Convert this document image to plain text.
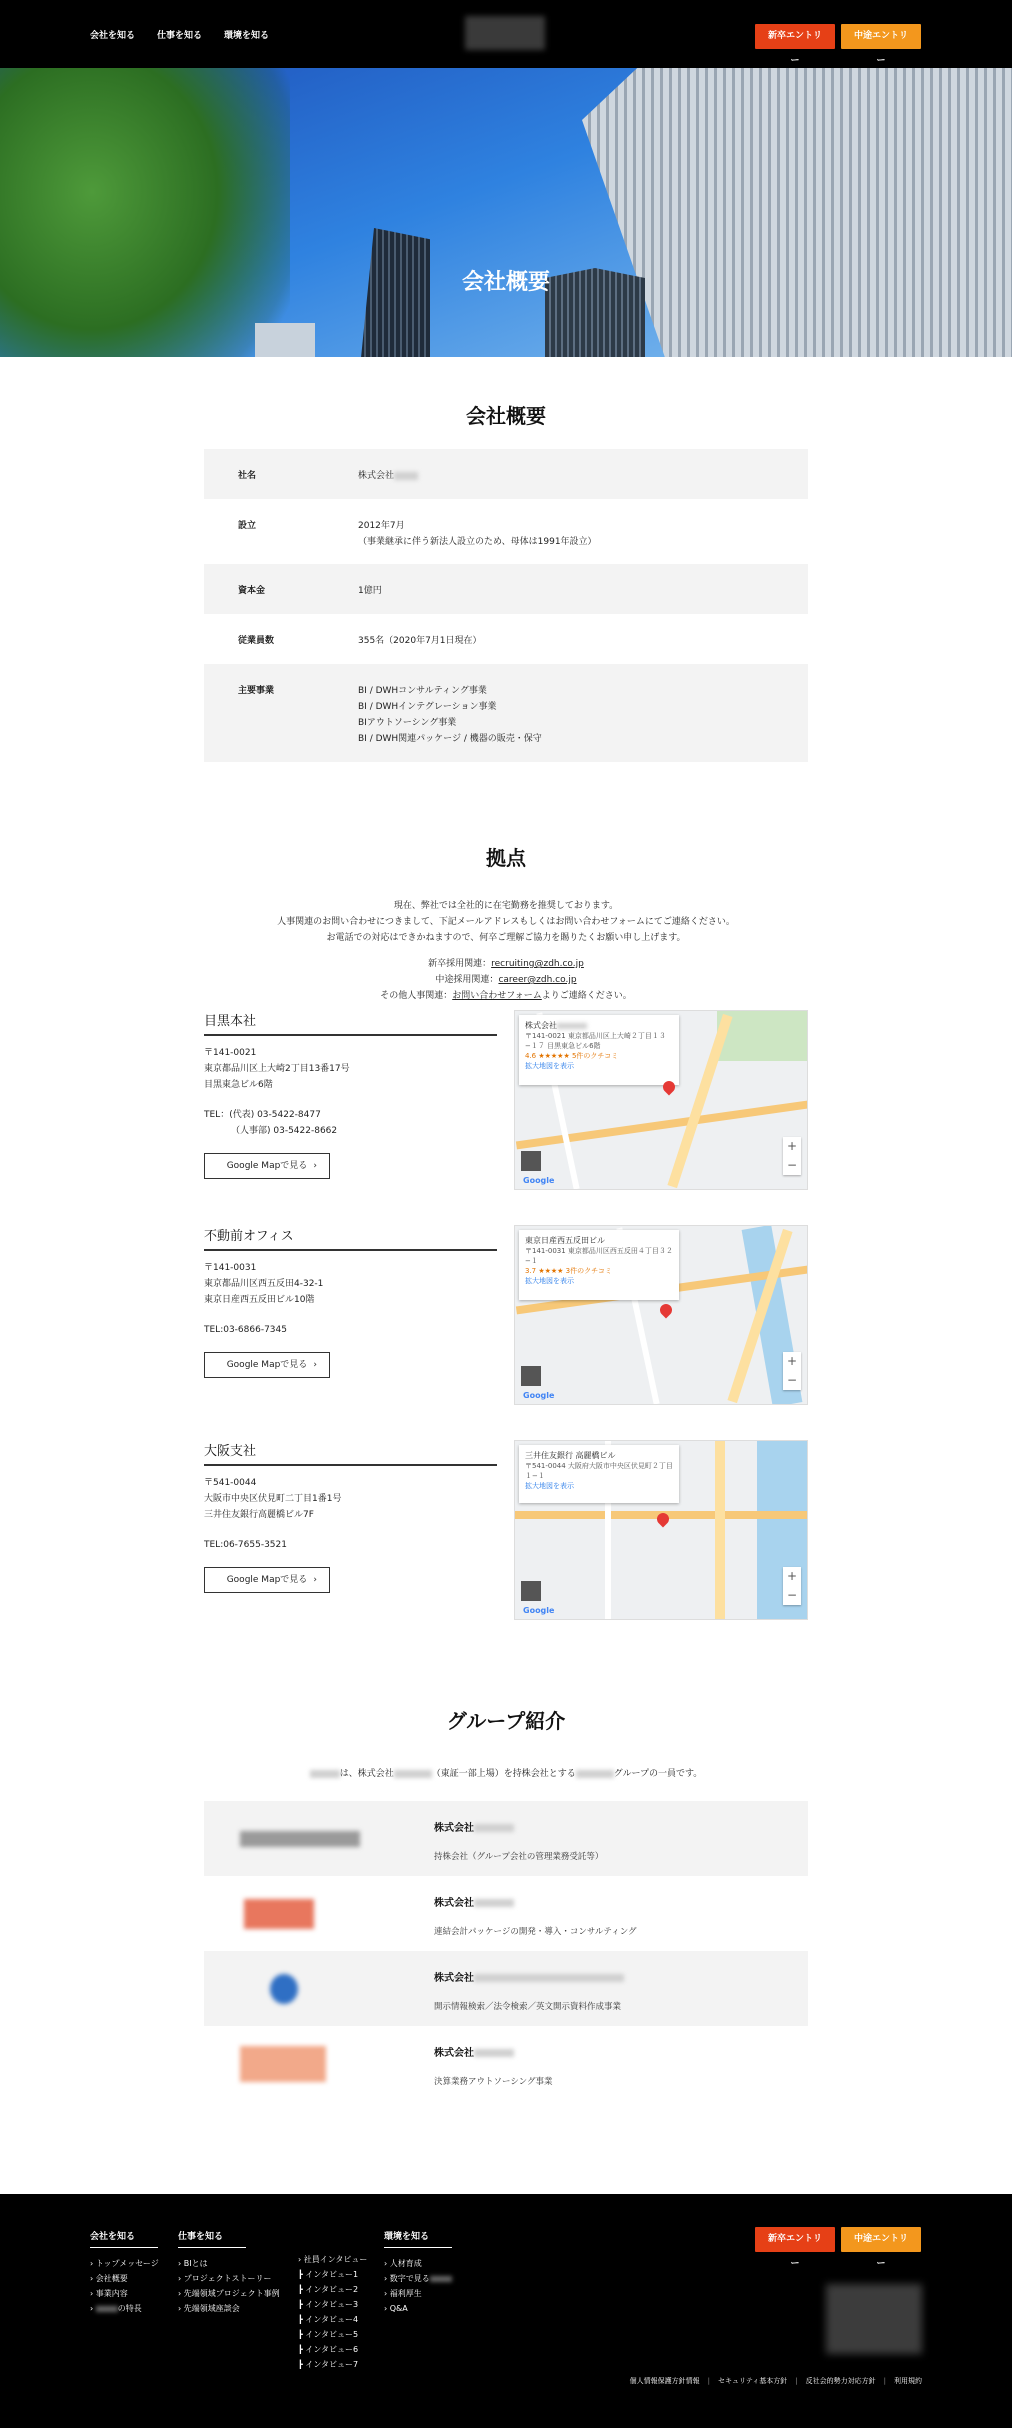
会社を知る 仕事を知る 環境を知る	新卒エントリー
中途エントリー
会社概要
会社概要
社名	株式会社
設立	2012年7月
（事業継承に伴う新法人設立のため、母体は1991年設立）
資本金	1億円
従業員数	355名（2020年7月1日現在）
主要事業	BI / DWHコンサルティング事業
BI / DWHインテグレーション事業
BIアウトソーシング事業
BI / DWH関連パッケージ / 機器の販売・保守
拠点
現在、弊社では全社的に在宅勤務を推奨しております。
人事関連のお問い合わせにつきまして、下記メールアドレスもしくはお問い合わせフォームにてご連絡ください。
お電話での対応はできかねますので、何卒ご理解ご協力を賜りたくお願い申し上げます。
新卒採用関連：recruiting@zdh.co.jp
中途採用関連：career@zdh.co.jp
その他人事関連：お問い合わせフォームよりご連絡ください。
目黒本社
〒141-0021
東京都品川区上大崎2丁目13番17号
目黒東急ビル6階
TEL：(代表) 03-5422-8477
（人事部) 03-5422-8662
Google Mapで見る ›
株式会社
〒141-0021 東京都品川区上大崎２丁目１３−１７ 目黒東急ビル6階
4.6 ★★★★★ 5件のクチコミ
拡大地図を表示
+
−
Google
不動前オフィス
〒141-0031
東京都品川区西五反田4-32-1
東京日産西五反田ビル10階
TEL:03-6866-7345
Google Mapで見る ›
東京日産西五反田ビル
〒141-0031 東京都品川区西五反田４丁目３２−１
3.7 ★★★★ 3件のクチコミ
拡大地図を表示
+
−
Google
大阪支社
〒541-0044
大阪市中央区伏見町二丁目1番1号
三井住友銀行高麗橋ビル7F
TEL:06-7655-3521
Google Mapで見る ›
三井住友銀行 高麗橋ビル
〒541-0044 大阪府大阪市中央区伏見町２丁目１−１
拡大地図を表示
+
−
Google
グループ紹介
は、株式会社	（東証一部上場）を持株会社とする	グループの一員です。
株式会社
持株会社（グループ会社の管理業務受託等）
株式会社
連結会計パッケージの開発・導入・コンサルティング
株式会社
開示情報検索／法令検索／英文開示資料作成事業
株式会社
決算業務アウトソーシング事業
会社を知る
› トップメッセージ
› 会社概要
› 事業内容
› の特長
仕事を知る
› BIとは
› プロジェクトストーリー
› 先端領域プロジェクト事例
› 先端領域座談会
› 社員インタビュー
┣ インタビュー1
┣ インタビュー2
┣ インタビュー3
┣ インタビュー4
┣ インタビュー5
┣ インタビュー6
┣ インタビュー7
環境を知る
› 人材育成
› 数字で見る
› 福利厚生
› Q&A
新卒エントリー
中途エントリー
個人情報保護方針情報	| セキュリティ基本方針	| 反社会的勢力対応方針	| 利用規約
